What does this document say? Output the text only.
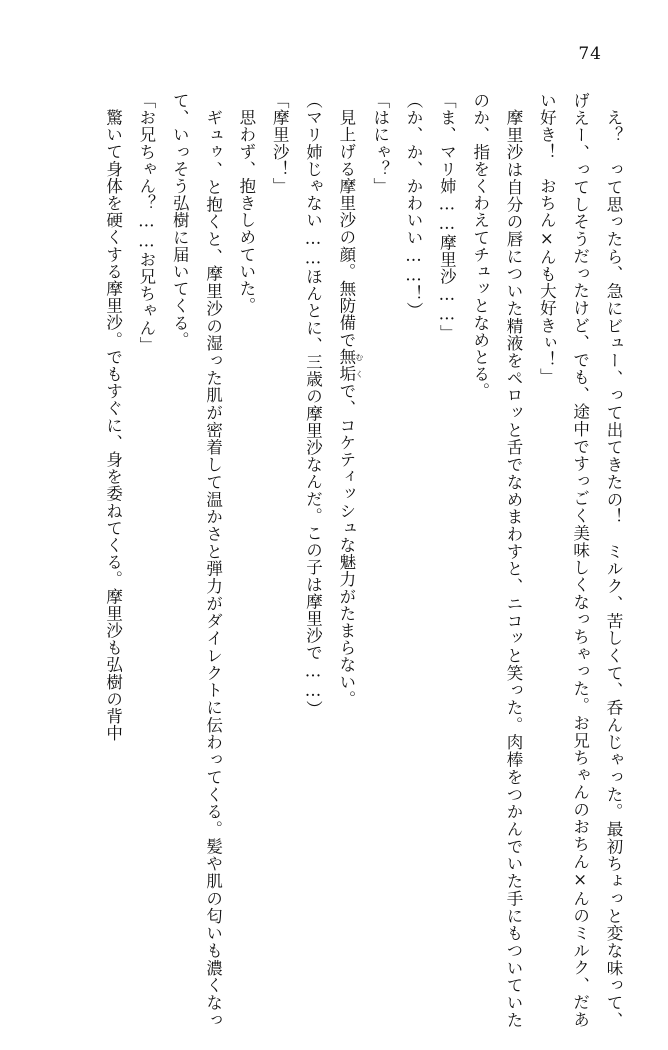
74

え？　って思ったら、急にビュー、って出てきたの！　ミルク、苦しくて、呑んじゃった。最初ちょっと変な味って、げえー、ってしそうだったけど、でも、途中ですっごく美味しくなっちゃった。お兄ちゃんのおちん×んのミルク、だあい好き！　おちん×んも大好きぃ！」

摩里沙は自分の唇についた精液をペロッと舌でなめまわすと、ニコッと笑った。肉棒をつかんでいた手にもついていたのか、指をくわえてチュッとなめとる。

「ま、マリ姉……摩里沙……」

（か、か、かわいい……！）

「はにゃ？」

見上げる摩里沙の顔。無防備で無垢 むくで、コケティッシュな魅力がたまらない。

（マリ姉じゃない……ほんとに、三歳の摩里沙なんだ。この子は摩里沙で……）

「摩里沙！」

思わず、抱きしめていた。

ギュゥ、と抱くと、摩里沙の湿った肌が密着して温かさと弾力がダイレクトに伝わってくる。髪や肌の匂いも濃くなって、いっそう弘樹に届いてくる。

「お兄ちゃん？……お兄ちゃん」

驚いて身体を硬くする摩里沙。でもすぐに、身を委ねてくる。摩里沙も弘樹の背中
